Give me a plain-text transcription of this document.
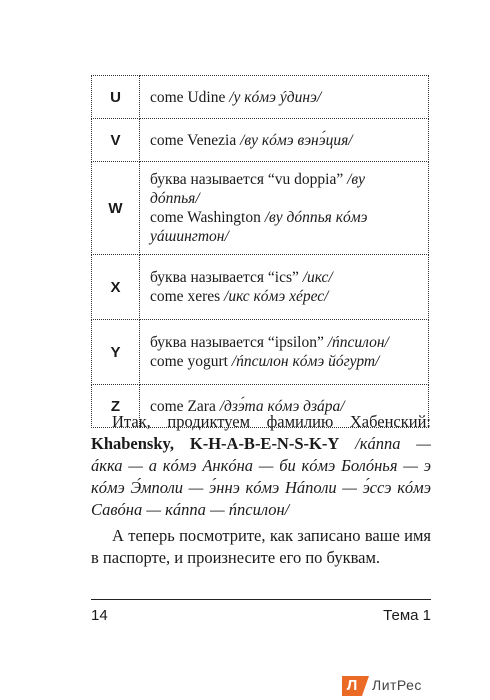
U	come Udine /у кóмэ ýдинэ/

V	come Venezia /ву кóмэ вэнэ́ция/

W	буква называется “vu doppia” /ву
дóппья/
come Washington /ву дóппья кóмэ
уáшингтон/

X	буква называется “ics” /икс/
come xeres /икс кóмэ хéрес/

Y	буква называется “ipsilon” /ńпсилон/
come yogurt /ńпсилон кóмэ йóгурт/

Z	come Zara /дзэ́та кóмэ дзáра/

Итак, продиктуем фамилию Хабенский: Khabensky, K-H-A-B-E-N-S-K-Y /кáппа — áкка — а кóмэ Анкóна — би кóмэ Болóнья — э кóмэ Э́мполи — э́ннэ кóмэ Нáполи — э́ссэ кóмэ Савóна — кáппа — ńпсилон/

А теперь посмотрите, как записано ваше имя в паспорте, и произнесите его по буквам.

14	Тема 1
Л	ЛитРес
